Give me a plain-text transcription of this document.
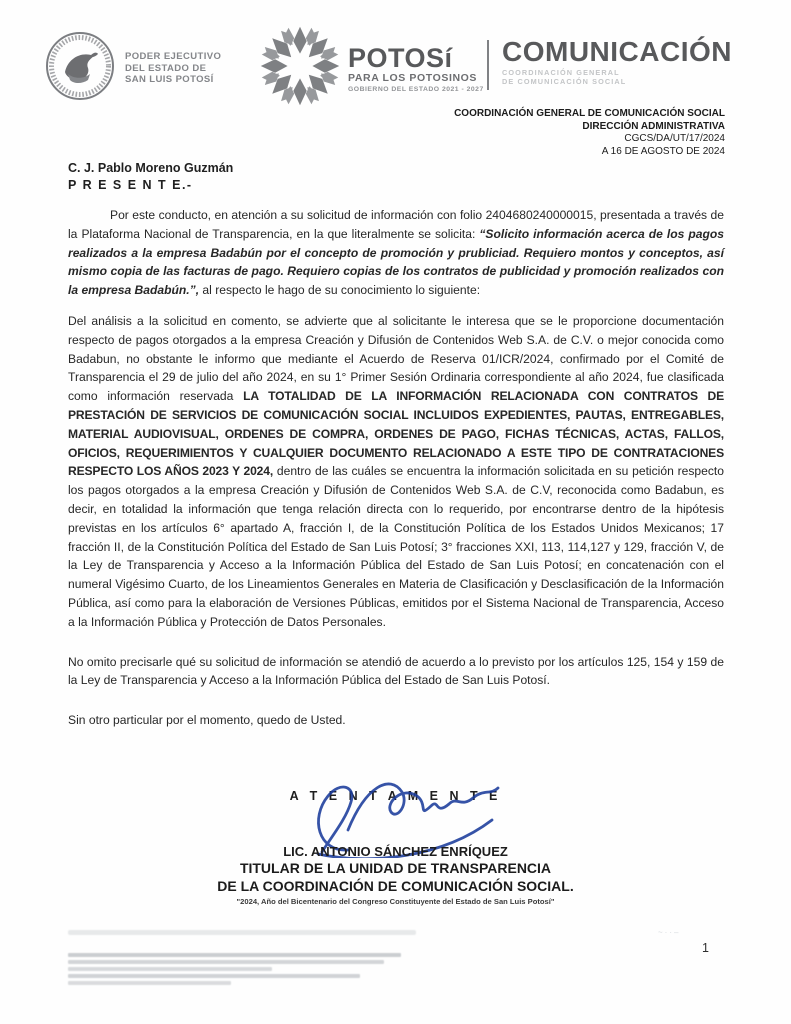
PODER EJECUTIVO
DEL ESTADO DE
SAN LUIS POTOSÍ
POTOSí
PARA LOS POTOSINOS
GOBIERNO DEL ESTADO 2021 - 2027
COMUNICACIÓN
COORDINACIÓN GENERAL
DE COMUNICACIÓN SOCIAL
COORDINACIÓN GENERAL DE COMUNICACIÓN SOCIAL
DIRECCIÓN ADMINISTRATIVA
CGCS/DA/UT/17/2024
A 16 DE AGOSTO DE 2024
C. J. Pablo Moreno Guzmán
P R E S E N T E.-

Por este conducto, en atención a su solicitud de información con folio 2404680240000015, presentada a través de la Plataforma Nacional de Transparencia, en la que literalmente se solicita: “Solicito información acerca de los pagos realizados a la empresa Badabún por el concepto de promoción y prubliciad. Requiero montos y conceptos, así mismo copia de las facturas de pago. Requiero copias de los contratos de publicidad y promoción realizados con la empresa Badabún.”, al respecto le hago de su conocimiento lo siguiente:

Del análisis a la solicitud en comento, se advierte que al solicitante le interesa que se le proporcione documentación respecto de pagos otorgados a la empresa Creación y Difusión de Contenidos Web S.A. de C.V. o mejor conocida como Badabun, no obstante le informo que mediante el Acuerdo de Reserva 01/ICR/2024, confirmado por el Comité de Transparencia el 29 de julio del año 2024, en su 1° Primer Sesión Ordinaria correspondiente al año 2024, fue clasificada como información reservada LA TOTALIDAD DE LA INFORMACIÓN RELACIONADA CON CONTRATOS DE PRESTACIÓN DE SERVICIOS DE COMUNICACIÓN SOCIAL INCLUIDOS EXPEDIENTES, PAUTAS, ENTREGABLES, MATERIAL AUDIOVISUAL, ORDENES DE COMPRA, ORDENES DE PAGO, FICHAS TÉCNICAS, ACTAS, FALLOS, OFICIOS, REQUERIMIENTOS Y CUALQUIER DOCUMENTO RELACIONADO A ESTE TIPO DE CONTRATACIONES RESPECTO LOS AÑOS 2023 Y 2024, dentro de las cuáles se encuentra la información solicitada en su petición respecto los pagos otorgados a la empresa Creación y Difusión de Contenidos Web S.A. de C.V, reconocida como Badabun, es decir, en totalidad la información que tenga relación directa con lo requerido, por encontrarse dentro de la hipótesis previstas en los artículos 6° apartado A, fracción I, de la Constitución Política de los Estados Unidos Mexicanos; 17 fracción II, de la Constitución Política del Estado de San Luis Potosí; 3° fracciones XXI, 113, 114,127 y 129, fracción V, de la Ley de Transparencia y Acceso a la Información Pública del Estado de San Luis Potosí; en concatenación con el numeral Vigésimo Cuarto, de los Lineamientos Generales en Materia de Clasificación y Desclasificación de la Información Pública, así como para la elaboración de Versiones Públicas, emitidos por el Sistema Nacional de Transparencia, Acceso a la Información Pública y Protección de Datos Personales.

No omito precisarle qué su solicitud de información se atendió de acuerdo a lo previsto por los artículos 125, 154 y 159 de la Ley de Transparencia y Acceso a la Información Pública del Estado de San Luis Potosí.

Sin otro particular por el momento, quedo de Usted.

A T E N T A M E N T E
LIC. ANTONIO SÁNCHEZ ENRÍQUEZ
TITULAR DE LA UNIDAD DE TRANSPARENCIA
DE LA COORDINACIÓN DE COMUNICACIÓN SOCIAL.
"2024, Año del Bicentenario del Congreso Constituyente del Estado de San Luis Potosí"
~··–
1
